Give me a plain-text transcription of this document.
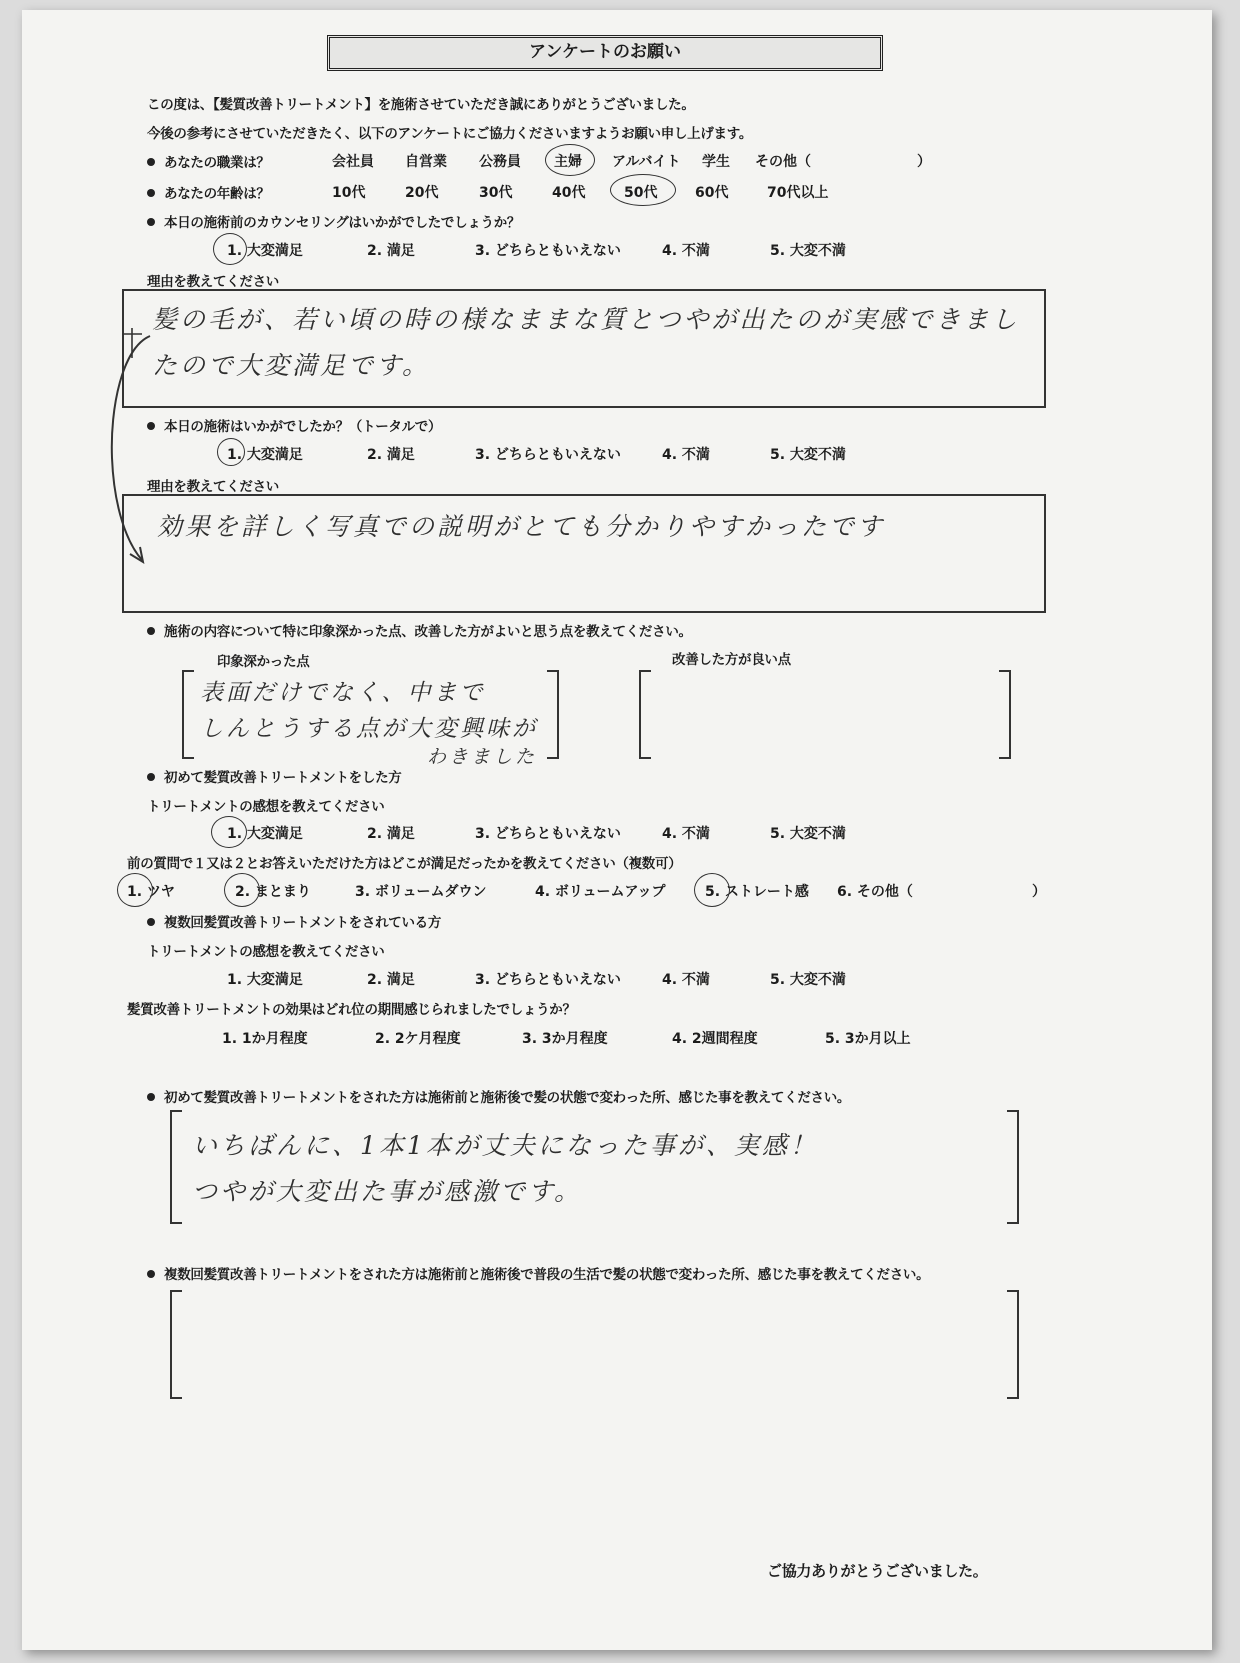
アンケートのお願い
この度は、【髪質改善トリートメント】を施術させていただき誠にありがとうございました。
今後の参考にさせていただきたく、以下のアンケートにご協力くださいますようお願い申し上げます。
あなたの職業は？	会社員 自営業 公務員 主婦 アルバイト 学生 その他（	）
あなたの年齢は？	10代	20代	30代	40代	50代	60代	70代以上
本日の施術前のカウンセリングはいかがでしたでしょうか？
1. 大変満足	2. 満足	3. どちらともいえない	4. 不満	5. 大変不満
理由を教えてください
髪の毛が、若い頃の時の様なままな質とつやが出たのが実感できまし
たので大変満足です。
本日の施術はいかがでしたか？（トータルで）
1. 大変満足	2. 満足	3. どちらともいえない	4. 不満	5. 大変不満
理由を教えてください
効果を詳しく写真での説明がとても分かりやすかったです
施術の内容について特に印象深かった点、改善した方がよいと思う点を教えてください。
印象深かった点	改善した方が良い点
表面だけでなく、中まで
しんとうする点が大変興味が
わきました
初めて髪質改善トリートメントをした方
トリートメントの感想を教えてください
1. 大変満足	2. 満足	3. どちらともいえない	4. 不満	5. 大変不満
前の質問で１又は２とお答えいただけた方はどこが満足だったかを教えてください（複数可）
1. ツヤ	2. まとまり	3. ボリュームダウン	4. ボリュームアップ	5. ストレート感 6. その他（	）
複数回髪質改善トリートメントをされている方
トリートメントの感想を教えてください
1. 大変満足	2. 満足	3. どちらともいえない	4. 不満	5. 大変不満
髪質改善トリートメントの効果はどれ位の期間感じられましたでしょうか？
1. 1か月程度	2. 2ケ月程度	3. 3か月程度	4. 2週間程度	5. 3か月以上
初めて髪質改善トリートメントをされた方は施術前と施術後で髪の状態で変わった所、感じた事を教えてください。
いちばんに、1本1本が丈夫になった事が、実感！
つやが大変出た事が感激です。
複数回髪質改善トリートメントをされた方は施術前と施術後で普段の生活で髪の状態で変わった所、感じた事を教えてください。
ご協力ありがとうございました。
